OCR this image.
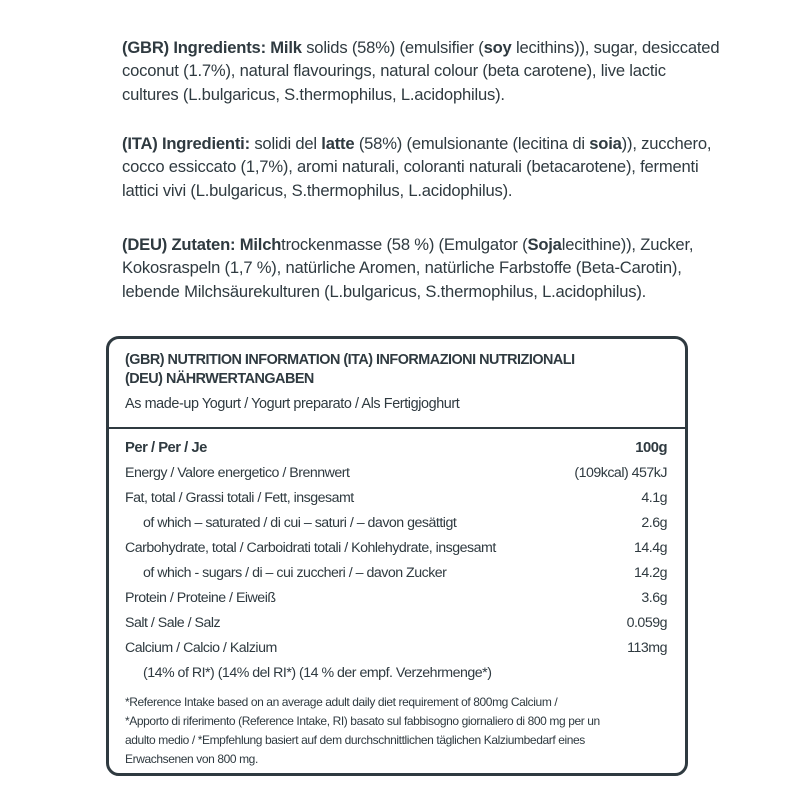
(GBR) Ingredients: Milk solids (58%) (emulsifier (soy lecithins)), sugar, desiccated coconut (1.7%), natural flavourings, natural colour (beta carotene), live lactic cultures (L.bulgaricus, S.thermophilus, L.acidophilus).

(ITA) Ingredienti: solidi del latte (58%) (emulsionante (lecitina di soia)), zucchero, cocco essiccato (1,7%), aromi naturali, coloranti naturali (betacarotene), fermenti lattici vivi (L.bulgaricus, S.thermophilus, L.acidophilus).

(DEU) Zutaten: Milchtrockenmasse (58 %) (Emulgator (Sojalecithine)), Zucker, Kokosraspeln (1,7 %), natürliche Aromen, natürliche Farbstoffe (Beta-Carotin), lebende Milchsäurekulturen (L.bulgaricus, S.thermophilus, L.acidophilus).

(GBR) NUTRITION INFORMATION (ITA) INFORMAZIONI NUTRIZIONALI
(DEU) NÄHRWERTANGABEN
As made-up Yogurt / Yogurt preparato / Als Fertigjoghurt
Per / Per / Je	100g
Energy / Valore energetico / Brennwert	(109kcal) 457kJ
Fat, total / Grassi totali / Fett, insgesamt	4.1g
of which – saturated / di cui – saturi / – davon gesättigt	2.6g
Carbohydrate, total / Carboidrati totali / Kohlehydrate, insgesamt	14.4g
of which - sugars / di – cui zuccheri / – davon Zucker	14.2g
Protein / Proteine / Eiweiß	3.6g
Salt / Sale / Salz	0.059g
Calcium / Calcio / Kalzium	113mg
(14% of RI*) (14% del RI*) (14 % der empf. Verzehrmenge*)
*Reference Intake based on an average adult daily diet requirement of 800mg Calcium /
*Apporto di riferimento (Reference Intake, RI) basato sul fabbisogno giornaliero di 800 mg per un
adulto medio / *Empfehlung basiert auf dem durchschnittlichen täglichen Kalziumbedarf eines
Erwachsenen von 800 mg.
